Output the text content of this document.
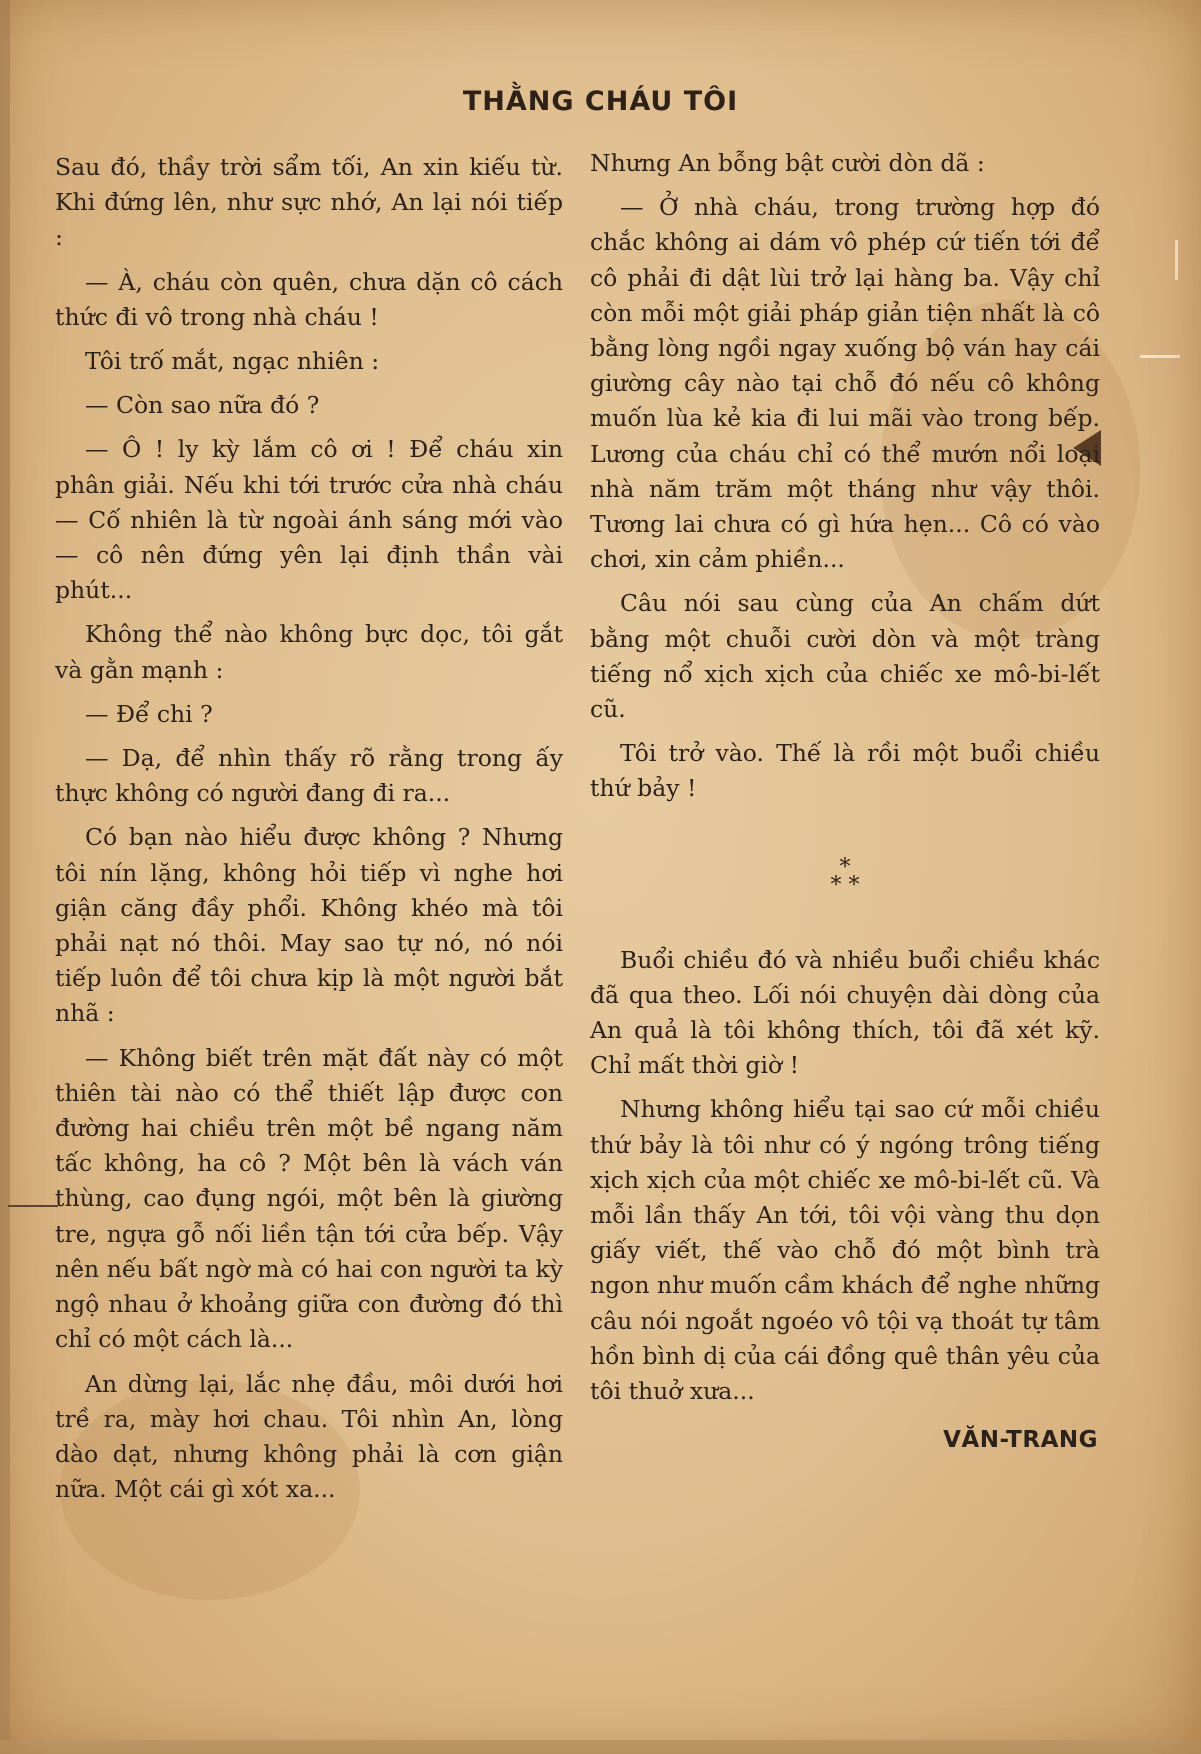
THẰNG CHÁU TÔI

Sau đó, thầy trời sẩm tối, An xin kiếu từ. Khi đứng lên, như sực nhớ, An lại nói tiếp :

— À, cháu còn quên, chưa dặn cô cách thức đi vô trong nhà cháu !

Tôi trố mắt, ngạc nhiên :

— Còn sao nữa đó ?

— Ô ! ly kỳ lắm cô ơi ! Để cháu xin phân giải. Nếu khi tới trước cửa nhà cháu — Cố nhiên là từ ngoài ánh sáng mới vào — cô nên đứng yên lại định thần vài phút...

Không thể nào không bực dọc, tôi gắt và gằn mạnh :

— Để chi ?

— Dạ, để nhìn thấy rõ rằng trong ấy thực không có người đang đi ra...

Có bạn nào hiểu được không ? Nhưng tôi nín lặng, không hỏi tiếp vì nghe hơi giận căng đầy phổi. Không khéo mà tôi phải nạt nó thôi. May sao tự nó, nó nói tiếp luôn để tôi chưa kịp là một người bắt nhã :

— Không biết trên mặt đất này có một thiên tài nào có thể thiết lập được con đường hai chiều trên một bề ngang năm tấc không, ha cô ? Một bên là vách ván thùng, cao đụng ngói, một bên là giường tre, ngựa gỗ nối liền tận tới cửa bếp. Vậy nên nếu bất ngờ mà có hai con người ta kỳ ngộ nhau ở khoảng giữa con đường đó thì chỉ có một cách là...

An dừng lại, lắc nhẹ đầu, môi dưới hơi trề ra, mày hơi chau. Tôi nhìn An, lòng dào dạt, nhưng không phải là cơn giận nữa. Một cái gì xót xa...

Nhưng An bỗng bật cười dòn dã :

— Ở nhà cháu, trong trường hợp đó chắc không ai dám vô phép cứ tiến tới để cô phải đi dật lùi trở lại hàng ba. Vậy chỉ còn mỗi một giải pháp giản tiện nhất là cô bằng lòng ngồi ngay xuống bộ ván hay cái giường cây nào tại chỗ đó nếu cô không muốn lùa kẻ kia đi lui mãi vào trong bếp. Lương của cháu chỉ có thể mướn nổi loại nhà năm trăm một tháng như vậy thôi. Tương lai chưa có gì hứa hẹn... Cô có vào chơi, xin cảm phiền...

Câu nói sau cùng của An chấm dứt bằng một chuỗi cười dòn và một tràng tiếng nổ xịch xịch của chiếc xe mô-bi-lết cũ.

Tôi trở vào. Thế là rồi một buổi chiều thứ bảy !

*
* *

Buổi chiều đó và nhiều buổi chiều khác đã qua theo. Lối nói chuyện dài dòng của An quả là tôi không thích, tôi đã xét kỹ. Chỉ mất thời giờ !

Nhưng không hiểu tại sao cứ mỗi chiều thứ bảy là tôi như có ý ngóng trông tiếng xịch xịch của một chiếc xe mô-bi-lết cũ. Và mỗi lần thấy An tới, tôi vội vàng thu dọn giấy viết, thế vào chỗ đó một bình trà ngon như muốn cầm khách để nghe những câu nói ngoắt ngoéo vô tội vạ thoát tự tâm hồn bình dị của cái đồng quê thân yêu của tôi thuở xưa...

VĂN-TRANG
